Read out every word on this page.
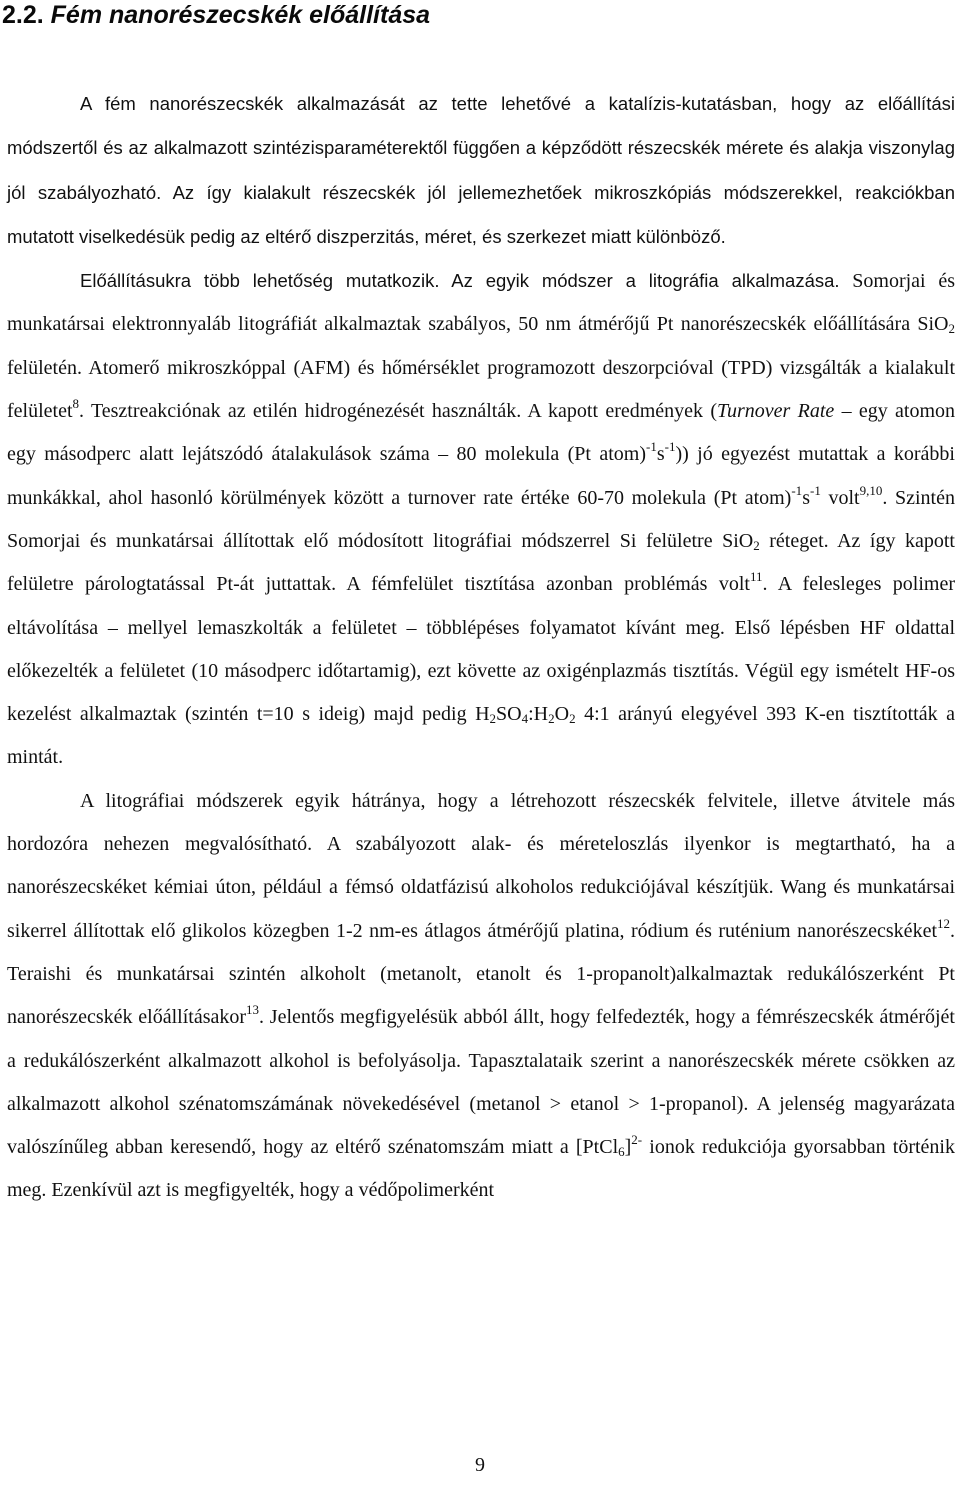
2.2. Fém nanorészecskék előállítása

A fém nanorészecskék alkalmazását az tette lehetővé a katalízis-kutatásban, hogy az előállítási módszertől és az alkalmazott szintézisparaméterektől függően a képződött részecskék mérete és alakja viszonylag jól szabályozható. Az így kialakult részecskék jól jellemezhetőek mikroszkópiás módszerekkel, reakciókban mutatott viselkedésük pedig az eltérő diszperzitás, méret, és szerkezet miatt különböző.

Előállításukra több lehetőség mutatkozik. Az egyik módszer a litográfia alkalmazása. Somorjai és munkatársai elektronnyaláb litográfiát alkalmaztak szabályos, 50 nm átmérőjű Pt nanorészecskék előállítására SiO$_2$ felületén. Atomerő mikroszkóppal (AFM) és hőmérséklet programozott deszorpcióval (TPD) vizsgálták a kialakult felületet$^8$. Tesztreakciónak az etilén hidrogénezését használták. A kapott eredmények (Turnover Rate – egy atomon egy másodperc alatt lejátszódó átalakulások száma – 80 molekula (Pt $atom)^{-1}s^{-1}$)) jó egyezést mutattak a korábbi munkákkal, ahol hasonló körülmények között a turnover rate értéke 60-70 molekula (Pt $atom)^{-1}s^{-1}$ volt$^{9,10}$. Szintén Somorjai és munkatársai állítottak elő módosított litográfiai módszerrel Si felületre SiO$_2$ réteget. Az így kapott felületre párologtatással Pt-át juttattak. A fémfelület tisztítása azonban problémás volt$^{11}$. A felesleges polimer eltávolítása – mellyel lemaszkolták a felületet – többlépéses folyamatot kívánt meg. Első lépésben HF oldattal előkezelték a felületet (10 másodperc időtartamig), ezt követte az oxigénplazmás tisztítás. Végül egy ismételt HF-os kezelést alkalmaztak (szintén t=10 s ideig) majd pedig $H_2SO_4:H_2O_2$ 4:1 arányú elegyével 393 K-en tisztították a mintát.

A litográfiai módszerek egyik hátránya, hogy a létrehozott részecskék felvitele, illetve átvitele más hordozóra nehezen megvalósítható. A szabályozott alak- és méreteloszlás ilyenkor is megtartható, ha a nanorészecskéket kémiai úton, például a fémsó oldatfázisú alkoholos redukciójával készítjük. Wang és munkatársai sikerrel állítottak elő glikolos közegben 1-2 nm-es átlagos átmérőjű platina, ródium és ruténium nanorészecskéket$^{12}$. Teraishi és munkatársai szintén alkoholt (metanolt, etanolt és 1-propanolt)alkalmaztak redukálószerként Pt nanorészecskék előállításakor$^{13}$. Jelentős megfigyelésük abból állt, hogy felfedezték, hogy a fémrészecskék átmérőjét a redukálószerként alkalmazott alkohol is befolyásolja. Tapasztalataik szerint a nanorészecskék mérete csökken az alkalmazott alkohol szénatomszámának növekedésével (metanol > etanol > 1-propanol). A jelenség magyarázata valószínűleg abban keresendő, hogy az eltérő szénatomszám miatt a [PtCl$_6$]$^{2-}$ ionok redukciója gyorsabban történik meg. Ezenkívül azt is megfigyelték, hogy a védőpolimerként

9
